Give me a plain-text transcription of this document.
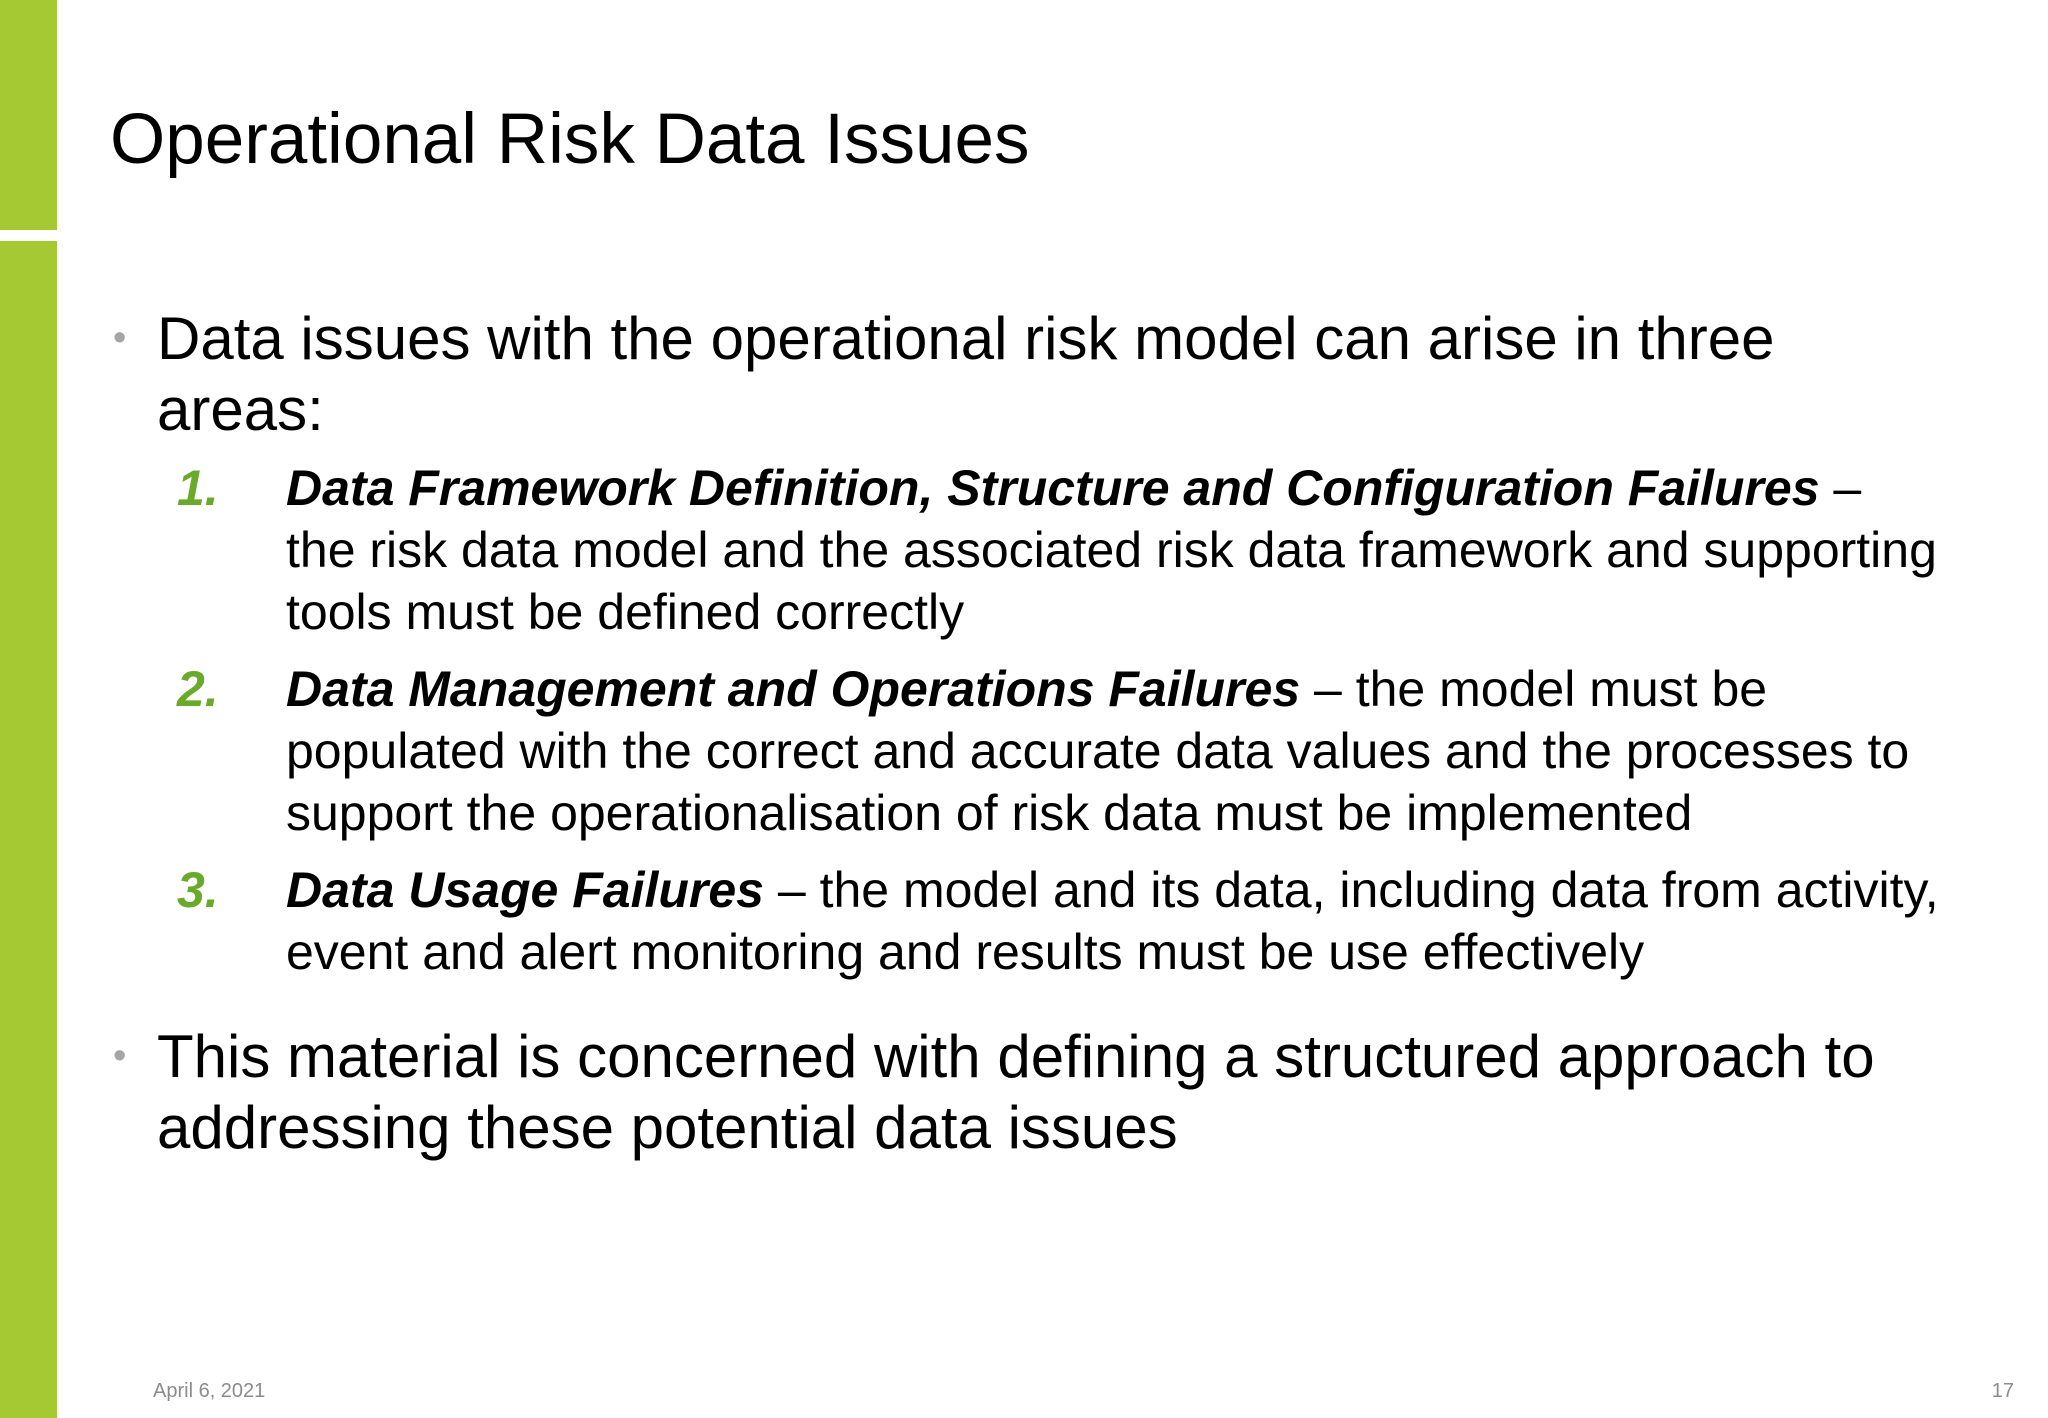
Operational Risk Data Issues
• Data issues with the operational risk model can arise in three areas:
1. Data Framework Definition, Structure and Configuration Failures – the risk data model and the associated risk data framework and supporting tools must be defined correctly
2. Data Management and Operations Failures – the model must be populated with the correct and accurate data values and the processes to support the operationalisation of risk data must be implemented
3. Data Usage Failures – the model and its data, including data from activity, event and alert monitoring and results must be use effectively
• This material is concerned with defining a structured approach to addressing these potential data issues
April 6, 2021	17
